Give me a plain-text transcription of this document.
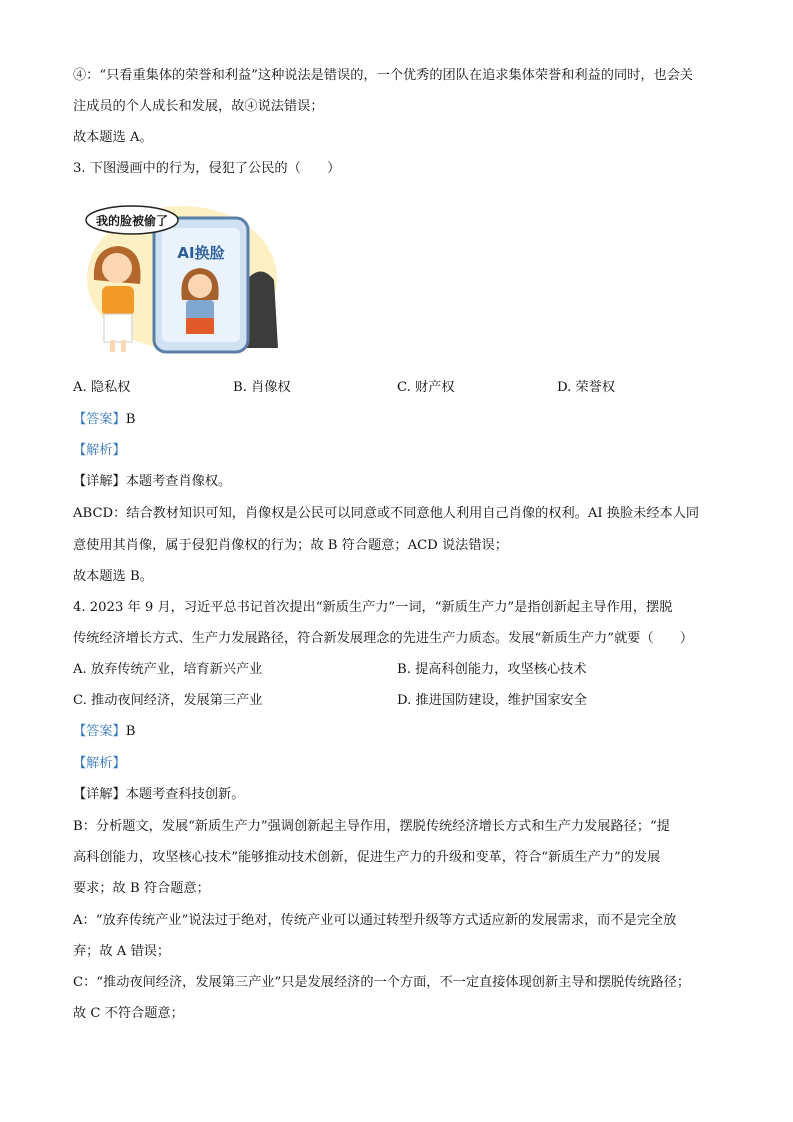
④：“只看重集体的荣誉和利益”这种说法是错误的，一个优秀的团队在追求集体荣誉和利益的同时，也会关
注成员的个人成长和发展，故④说法错误；
故本题选 A。
3. 下图漫画中的行为，侵犯了公民的（　　）
AI换脸
我的脸被偷了
A. 隐私权	B. 肖像权	C. 财产权	D. 荣誉权
【答案】B
【解析】
【详解】本题考查肖像权。
ABCD：结合教材知识可知，肖像权是公民可以同意或不同意他人利用自己肖像的权利。AI 换脸未经本人同
意使用其肖像，属于侵犯肖像权的行为；故 B 符合题意；ACD 说法错误；
故本题选 B。
4. 2023 年 9 月，习近平总书记首次提出“新质生产力”一词，“新质生产力”是指创新起主导作用，摆脱
传统经济增长方式、生产力发展路径，符合新发展理念的先进生产力质态。发展“新质生产力”就要（　　）
A. 放弃传统产业，培育新兴产业	B. 提高科创能力，攻坚核心技术
C. 推动夜间经济，发展第三产业	D. 推进国防建设，维护国家安全
【答案】B
【解析】
【详解】本题考查科技创新。
B：分析题文，发展“新质生产力”强调创新起主导作用，摆脱传统经济增长方式和生产力发展路径；“提
高科创能力，攻坚核心技术”能够推动技术创新，促进生产力的升级和变革，符合“新质生产力”的发展
要求；故 B 符合题意；
A：“放弃传统产业”说法过于绝对，传统产业可以通过转型升级等方式适应新的发展需求，而不是完全放
弃；故 A 错误；
C：“推动夜间经济，发展第三产业”只是发展经济的一个方面，不一定直接体现创新主导和摆脱传统路径；
故 C 不符合题意；
